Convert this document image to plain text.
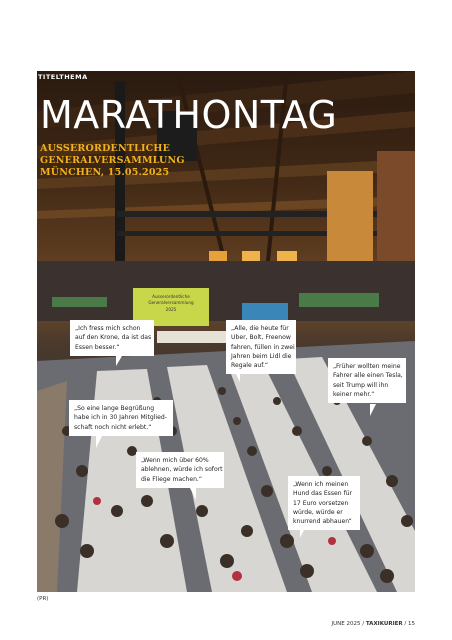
Ausserordentliche
Generalversammlung
2025
TITELTHEMA
MARATHONTAG
AUSSERORDENTLICHE
GENERALVERSAMMLUNG
MÜNCHEN, 15.05.2025
„Ich fress mich schon
auf den Krone, da ist das
Essen besser.“
„Alle, die heute für
Uber, Bolt, Freenow
fahren, füllen in zwei
Jahren beim Lidl die
Regale auf.“	„Früher wollten meine
Fahrer alle einen Tesla,
seit Trump will ihn
keiner mehr.“
„So eine lange Begrüßung
habe ich in 30 Jahren Mitglied-
schaft noch nicht erlebt.“
„Wenn mich über 60%
ablehnen, würde ich sofort
die Fliege machen.“
„Wenn ich meinen
Hund das Essen für
17 Euro vorsetzen
würde, würde er
knurrend abhauen“
(PR)
JUNE 2025 / TAXIKURIER / 15
